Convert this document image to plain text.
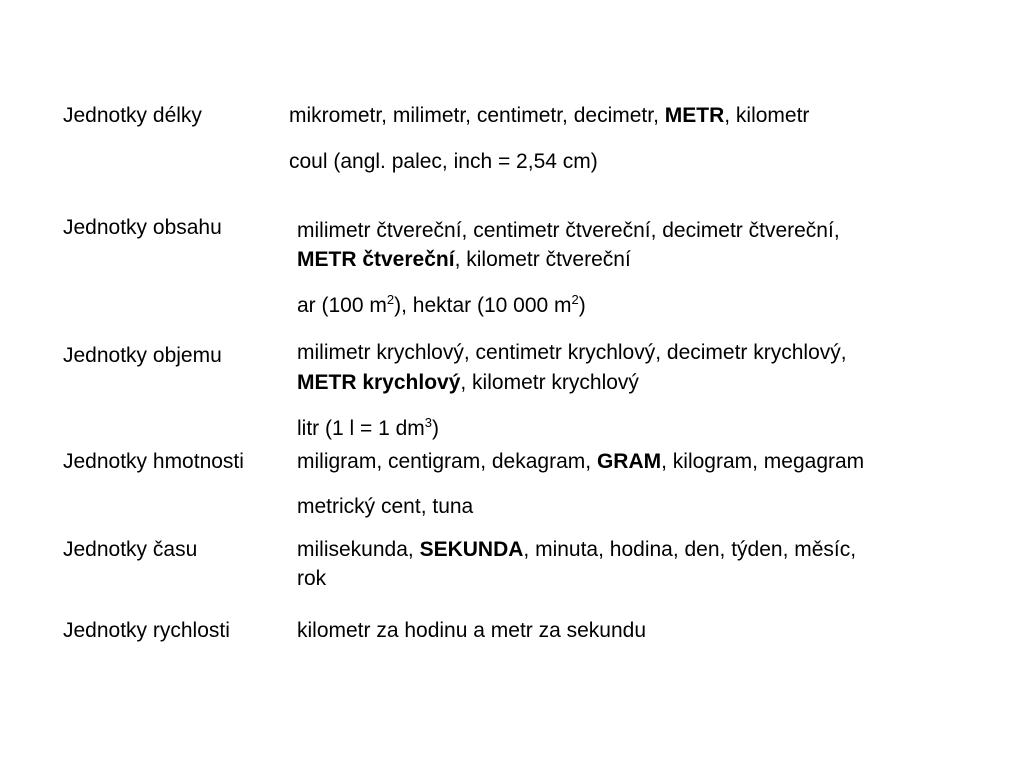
Jednotky délky	mikrometr, milimetr, centimetr, decimetr, METR, kilometr
coul (angl. palec, inch = 2,54 cm)
Jednotky obsahu	milimetr čtvereční, centimetr čtvereční, decimetr čtvereční,
METR čtvereční, kilometr čtvereční
ar (100 $m^2$), hektar (10 000 $m^2$)
Jednotky objemu	milimetr krychlový, centimetr krychlový, decimetr krychlový,
METR krychlový, kilometr krychlový
litr (1 l = 1 $dm^3$)
Jednotky hmotnosti	miligram, centigram, dekagram, GRAM, kilogram, megagram
metrický cent, tuna
Jednotky času	milisekunda, SEKUNDA, minuta, hodina, den, týden, měsíc,
rok
Jednotky rychlosti	kilometr za hodinu a metr za sekundu
